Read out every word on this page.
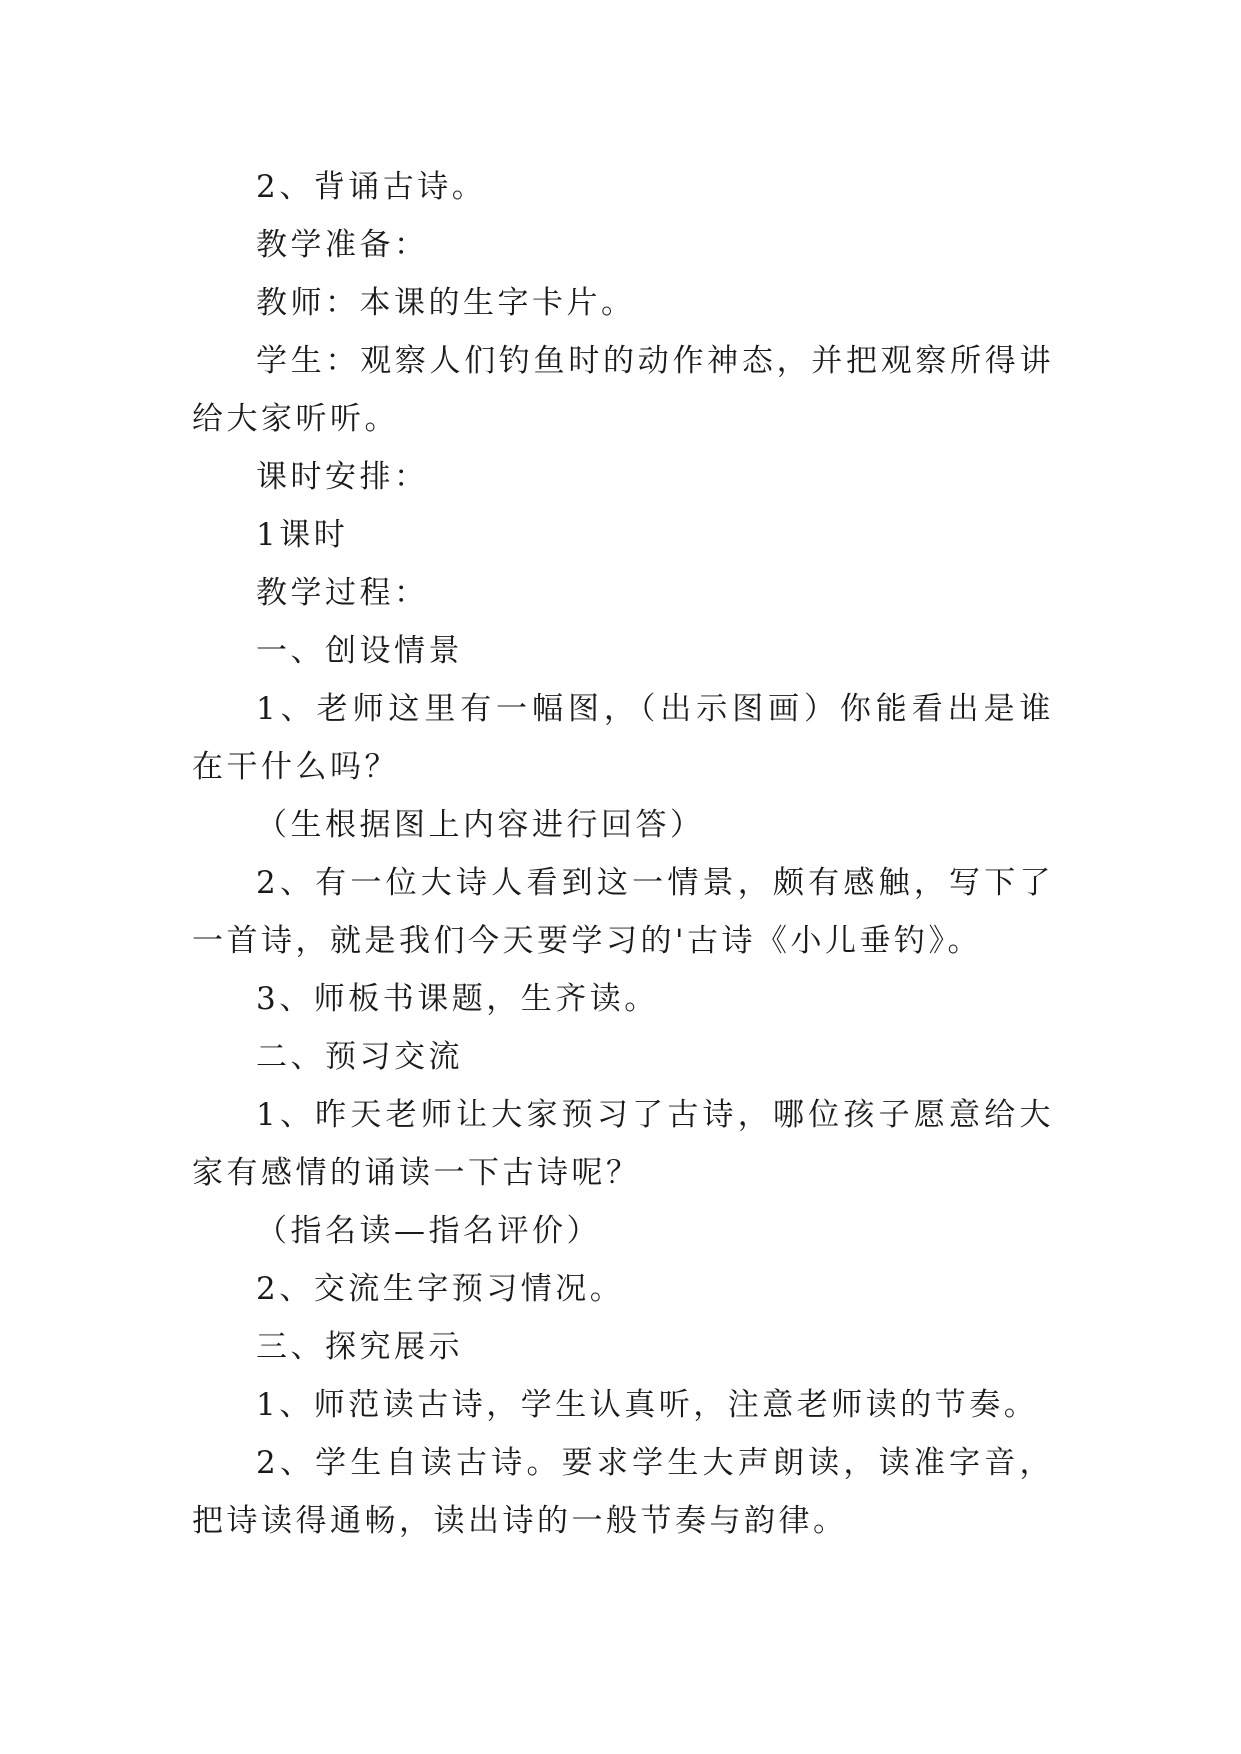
2、背诵古诗。

教学准备：

教师：本课的生字卡片。

学生：观察人们钓鱼时的动作神态，并把观察所得讲给大家听听。

课时安排：

1课时

教学过程：

一、创设情景

1、老师这里有一幅图，（出示图画）你能看出是谁在干什么吗？

（生根据图上内容进行回答）

2、有一位大诗人看到这一情景，颇有感触，写下了一首诗，就是我们今天要学习的'古诗《小儿垂钓》。

3、师板书课题，生齐读。

二、预习交流

1、昨天老师让大家预习了古诗，哪位孩子愿意给大家有感情的诵读一下古诗呢？

（指名读—指名评价）

2、交流生字预习情况。

三、探究展示

1、师范读古诗，学生认真听，注意老师读的节奏。

2、学生自读古诗。要求学生大声朗读，读准字音，把诗读得通畅，读出诗的一般节奏与韵律。
